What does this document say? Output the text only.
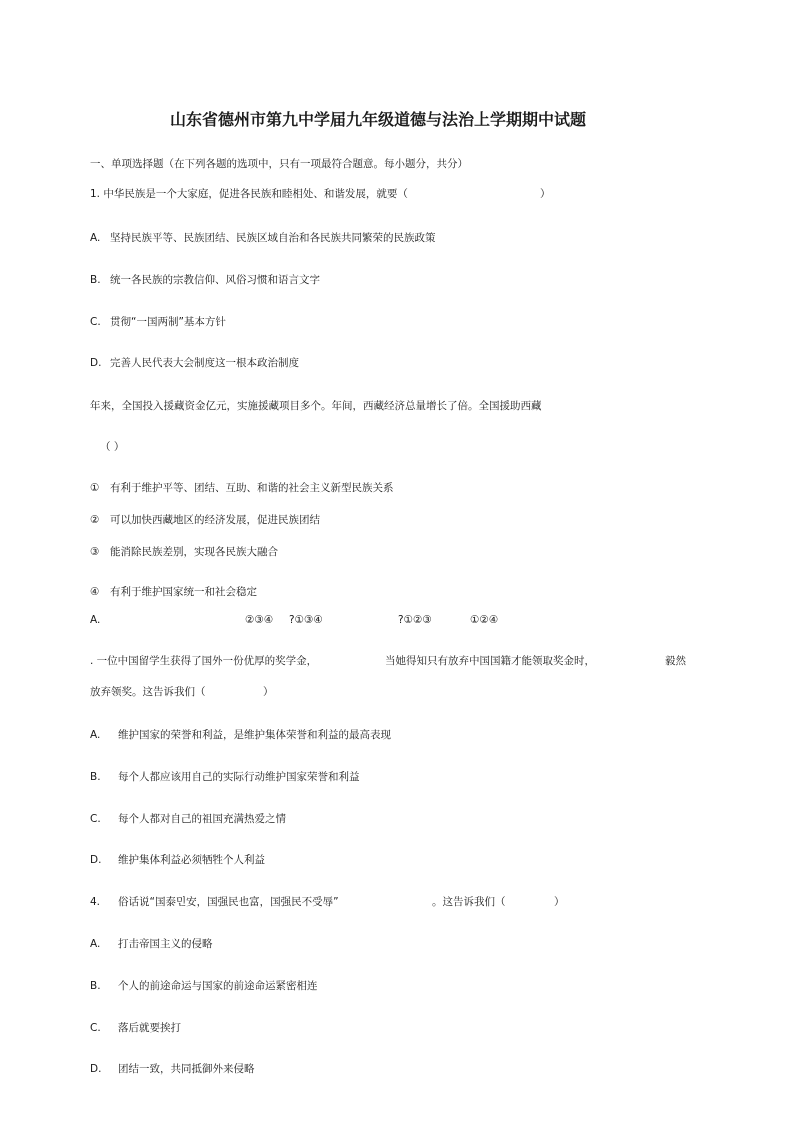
山东省德州市第九中学届九年级道德与法治上学期期中试题
一、单项选择题（在下列各题的选项中，只有一项最符合题意。每小题分，共分）
1. 中华民族是一个大家庭，促进各民族和睦相处、和谐发展，就要（	）
A. 坚持民族平等、民族团结、民族区域自治和各民族共同繁荣的民族政策
B. 统一各民族的宗教信仰、风俗习惯和语言文字
C. 贯彻“一国两制”基本方针
D. 完善人民代表大会制度这一根本政治制度
年来，全国投入援藏资金亿元，实施援藏项目多个。年间，西藏经济总量增长了倍。全国援助西藏
（ ）
① 有利于维护平等、团结、互助、和谐的社会主义新型民族关系
② 可以加快西藏地区的经济发展，促进民族团结
③ 能消除民族差别，实现各民族大融合
④ 有利于维护国家统一和社会稳定
A.	②③④ ?①③④	?①②③	①②④
. 一位中国留学生获得了国外一份优厚的奖学金，	当她得知只有放弃中国国籍才能领取奖金时，	毅然
放弃领奖。这告诉我们（	）
A. 维护国家的荣誉和利益，是维护集体荣誉和利益的最高表现
B. 每个人都应该用自己的实际行动维护国家荣誉和利益
C. 每个人都对自己的祖国充满热爱之情
D. 维护集体利益必须牺牲个人利益
4. 俗话说“国泰민安，国强民也富，国强民不受辱”	。这告诉我们（	）
A. 打击帝国主义的侵略
B. 个人的前途命运与国家的前途命运紧密相连
C. 落后就要挨打
D. 团结一致，共同抵御外来侵略
